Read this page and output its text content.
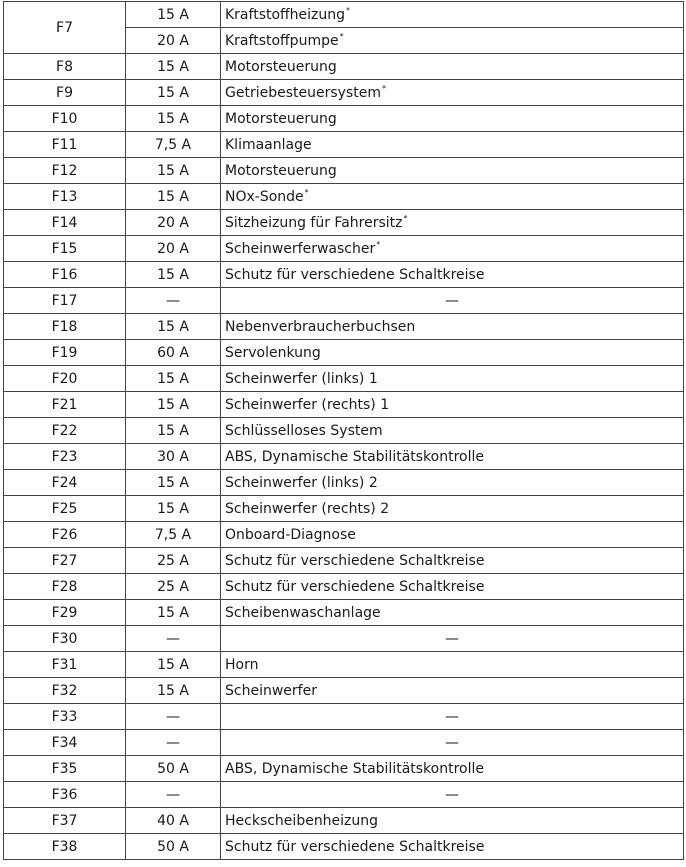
F7	15 A	Kraftstoffheizung*
	20 A	Kraftstoffpumpe*
F8	15 A	Motorsteuerung
F9	15 A	Getriebesteuersystem*
F10	15 A	Motorsteuerung
F11	7,5 A	Klimaanlage
F12	15 A	Motorsteuerung
F13	15 A	NOx-Sonde*
F14	20 A	Sitzheizung für Fahrersitz*
F15	20 A	Scheinwerferwascher*
F16	15 A	Schutz für verschiedene Schaltkreise
F17	—	—
F18	15 A	Nebenverbraucherbuchsen
F19	60 A	Servolenkung
F20	15 A	Scheinwerfer (links) 1
F21	15 A	Scheinwerfer (rechts) 1
F22	15 A	Schlüsselloses System
F23	30 A	ABS, Dynamische Stabilitätskontrolle
F24	15 A	Scheinwerfer (links) 2
F25	15 A	Scheinwerfer (rechts) 2
F26	7,5 A	Onboard-Diagnose
F27	25 A	Schutz für verschiedene Schaltkreise
F28	25 A	Schutz für verschiedene Schaltkreise
F29	15 A	Scheibenwaschanlage
F30	—	—
F31	15 A	Horn
F32	15 A	Scheinwerfer
F33	—	—
F34	—	—
F35	50 A	ABS, Dynamische Stabilitätskontrolle
F36	—	—
F37	40 A	Heckscheibenheizung
F38	50 A	Schutz für verschiedene Schaltkreise
